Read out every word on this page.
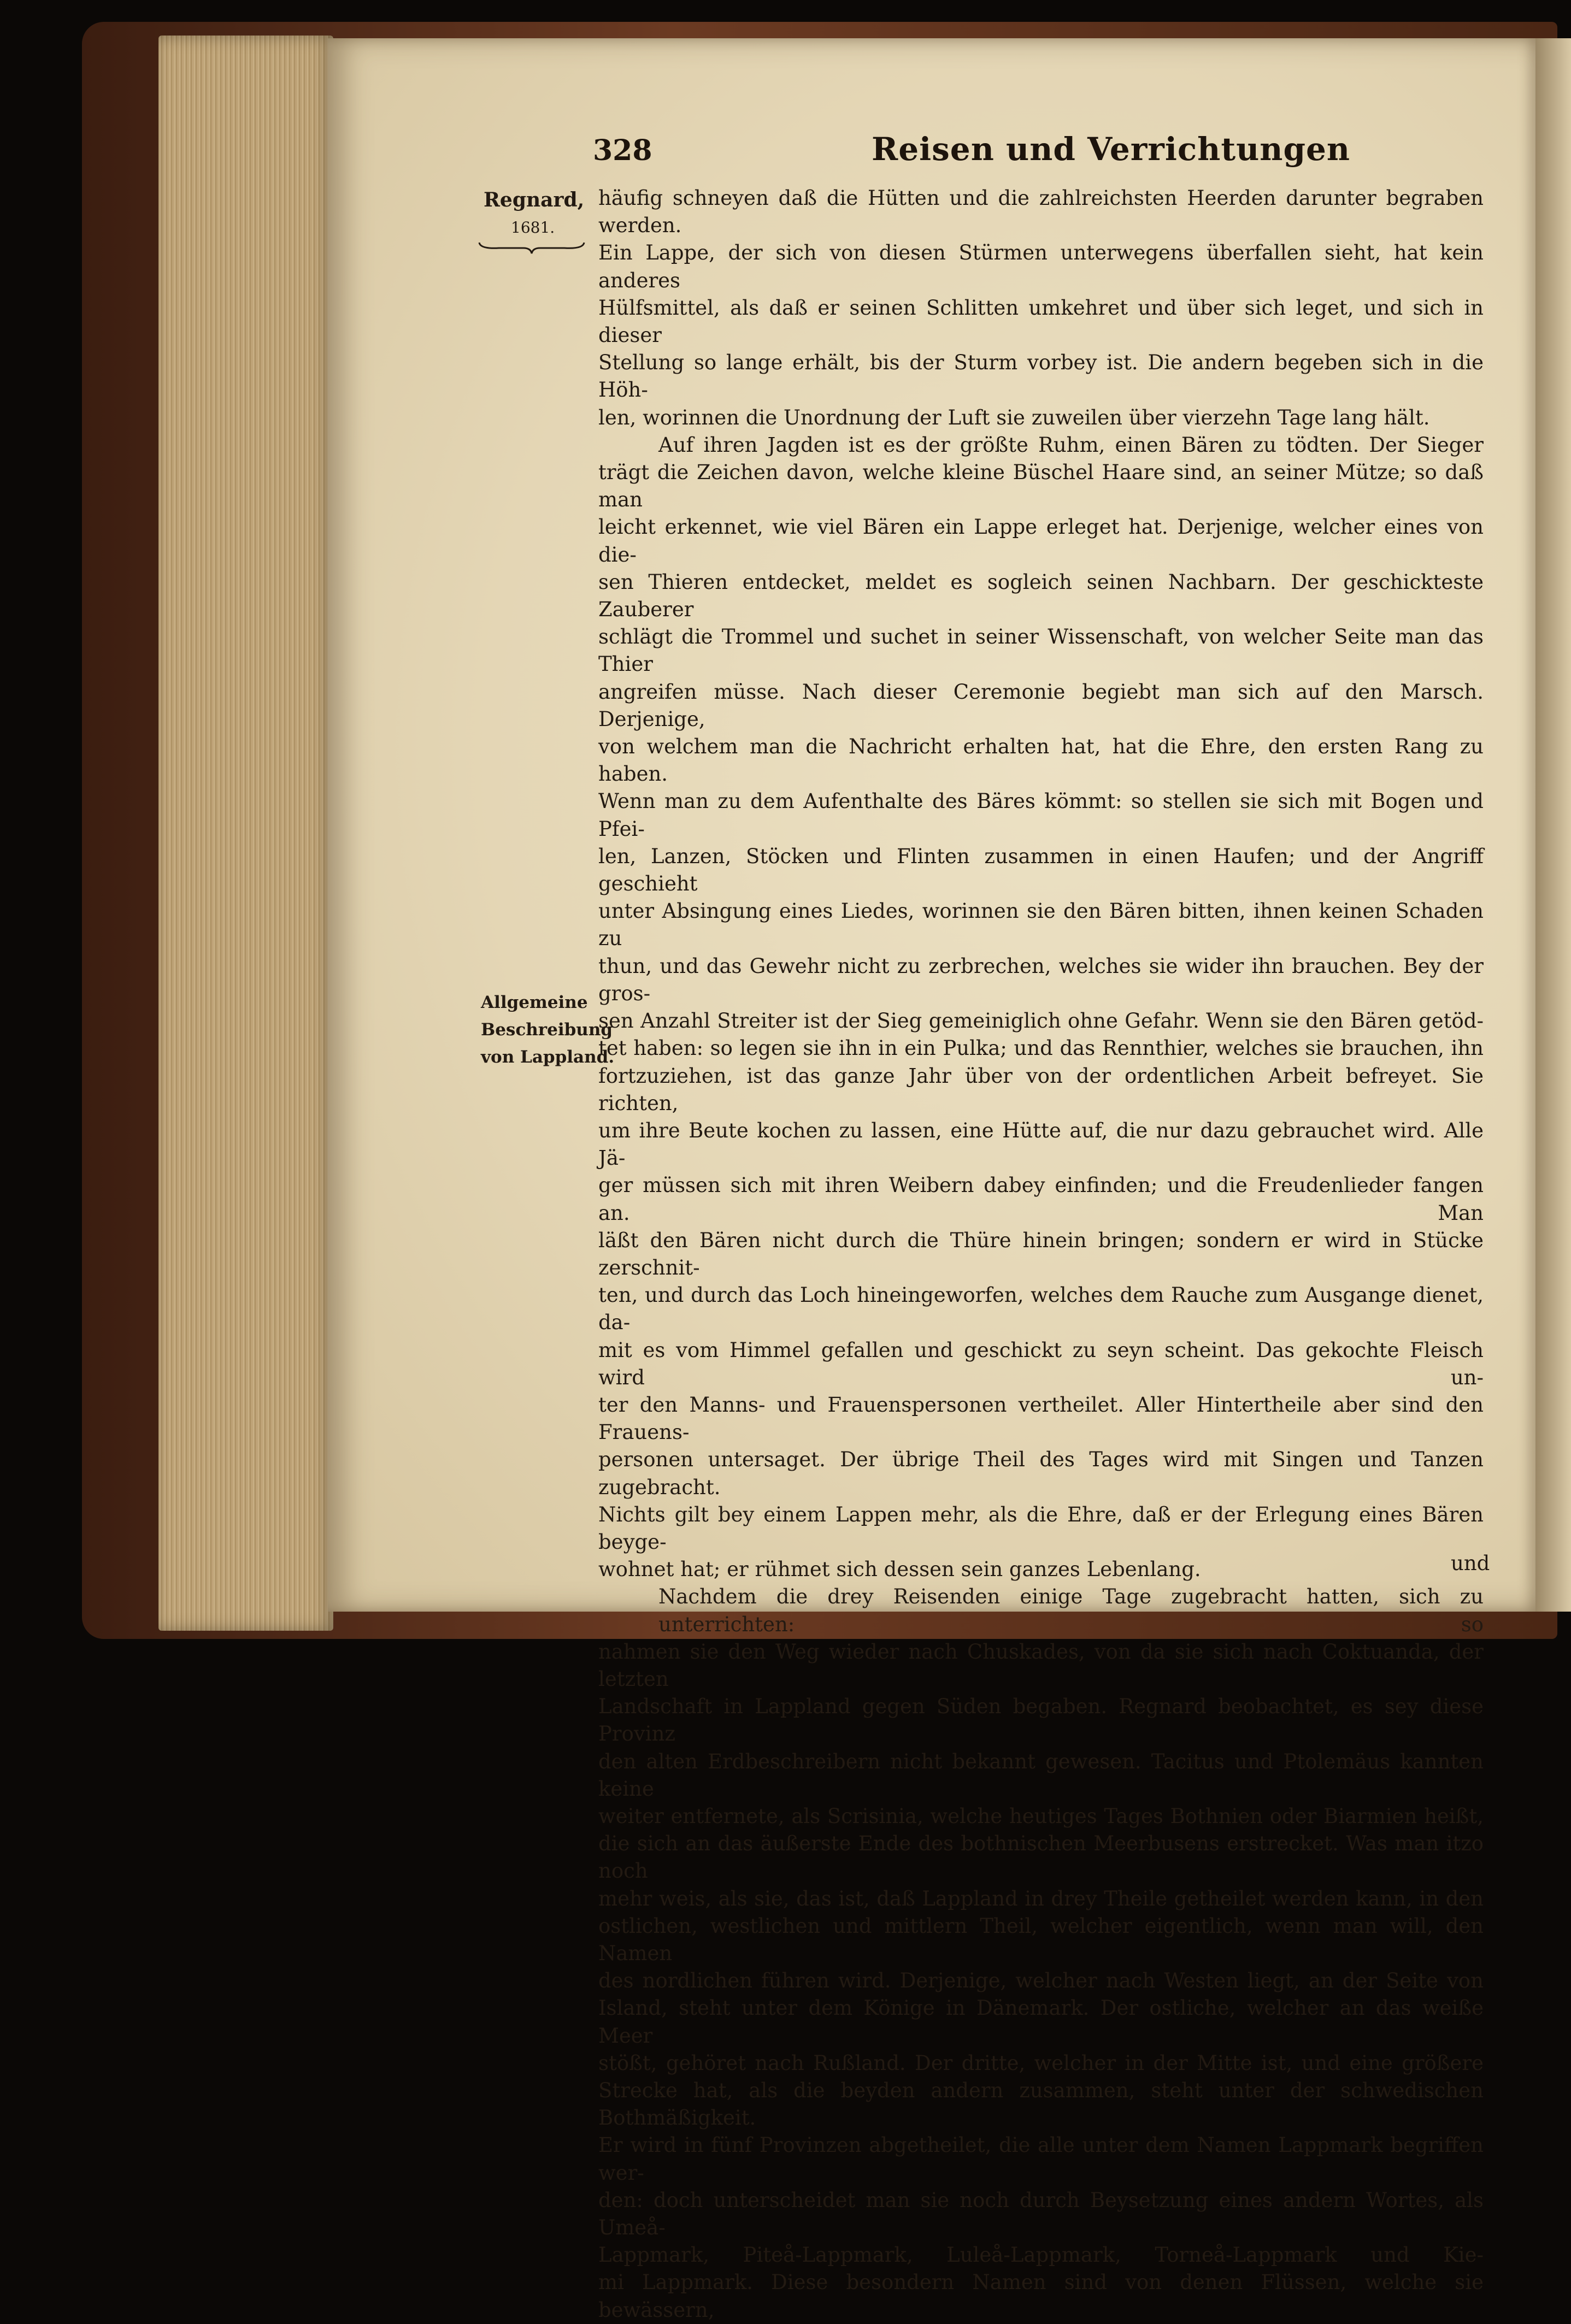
328	Reisen und Verrichtungen
Regnard,
1681.
Allgemeine
Beschreibung
von Lappland.

häufig schneyen daß die Hütten und die zahlreichsten Heerden darunter begraben werden.

Ein Lappe, der sich von diesen Stürmen unterwegens überfallen sieht, hat kein anderes

Hülfsmittel, als daß er seinen Schlitten umkehret und über sich leget, und sich in dieser

Stellung so lange erhält, bis der Sturm vorbey ist. Die andern begeben sich in die Höh-

len, worinnen die Unordnung der Luft sie zuweilen über vierzehn Tage lang hält.

Auf ihren Jagden ist es der größte Ruhm, einen Bären zu tödten. Der Sieger

trägt die Zeichen davon, welche kleine Büschel Haare sind, an seiner Mütze; so daß man

leicht erkennet, wie viel Bären ein Lappe erleget hat. Derjenige, welcher eines von die-

sen Thieren entdecket, meldet es sogleich seinen Nachbarn. Der geschickteste Zauberer

schlägt die Trommel und suchet in seiner Wissenschaft, von welcher Seite man das Thier

angreifen müsse. Nach dieser Ceremonie begiebt man sich auf den Marsch. Derjenige,

von welchem man die Nachricht erhalten hat, hat die Ehre, den ersten Rang zu haben.

Wenn man zu dem Aufenthalte des Bäres kömmt: so stellen sie sich mit Bogen und Pfei-

len, Lanzen, Stöcken und Flinten zusammen in einen Haufen; und der Angriff geschieht

unter Absingung eines Liedes, worinnen sie den Bären bitten, ihnen keinen Schaden zu

thun, und das Gewehr nicht zu zerbrechen, welches sie wider ihn brauchen. Bey der gros-

sen Anzahl Streiter ist der Sieg gemeiniglich ohne Gefahr. Wenn sie den Bären getöd-

tet haben: so legen sie ihn in ein Pulka; und das Rennthier, welches sie brauchen, ihn

fortzuziehen, ist das ganze Jahr über von der ordentlichen Arbeit befreyet. Sie richten,

um ihre Beute kochen zu lassen, eine Hütte auf, die nur dazu gebrauchet wird. Alle Jä-

ger müssen sich mit ihren Weibern dabey einfinden; und die Freudenlieder fangen an. Man

läßt den Bären nicht durch die Thüre hinein bringen; sondern er wird in Stücke zerschnit-

ten, und durch das Loch hineingeworfen, welches dem Rauche zum Ausgange dienet, da-

mit es vom Himmel gefallen und geschickt zu seyn scheint. Das gekochte Fleisch wird un-

ter den Manns- und Frauenspersonen vertheilet. Aller Hintertheile aber sind den Frauens-

personen untersaget. Der übrige Theil des Tages wird mit Singen und Tanzen zugebracht.

Nichts gilt bey einem Lappen mehr, als die Ehre, daß er der Erlegung eines Bären beyge-

wohnet hat; er rühmet sich dessen sein ganzes Lebenlang.

Nachdem die drey Reisenden einige Tage zugebracht hatten, sich zu unterrichten: so

nahmen sie den Weg wieder nach Chuskades, von da sie sich nach Coktuanda, der letzten

Landschaft in Lappland gegen Süden begaben. Regnard beobachtet, es sey diese Provinz

den alten Erdbeschreibern nicht bekannt gewesen. Tacitus und Ptolemäus kannten keine

weiter entfernete, als Scrisinia, welche heutiges Tages Bothnien oder Biarmien heißt,

die sich an das äußerste Ende des bothnischen Meerbusens erstrecket. Was man itzo noch

mehr weis, als sie, das ist, daß Lappland in drey Theile getheilet werden kann, in den

ostlichen, westlichen und mittlern Theil, welcher eigentlich, wenn man will, den Namen

des nordlichen führen wird. Derjenige, welcher nach Westen liegt, an der Seite von

Island, steht unter dem Könige in Dänemark. Der ostliche, welcher an das weiße Meer

stößt, gehöret nach Rußland. Der dritte, welcher in der Mitte ist, und eine größere

Strecke hat, als die beyden andern zusammen, steht unter der schwedischen Bothmäßigkeit.

Er wird in fünf Provinzen abgetheilet, die alle unter dem Namen Lappmark begriffen wer-

den: doch unterscheidet man sie noch durch Beysetzung eines andern Wortes, als Umeå-

Lappmark, Piteå-Lappmark, Luleå-Lappmark, Torneå-Lappmark und Kie-

mi Lappmark. Diese besondern Namen sind von denen Flüssen, welche sie bewässern,

und
